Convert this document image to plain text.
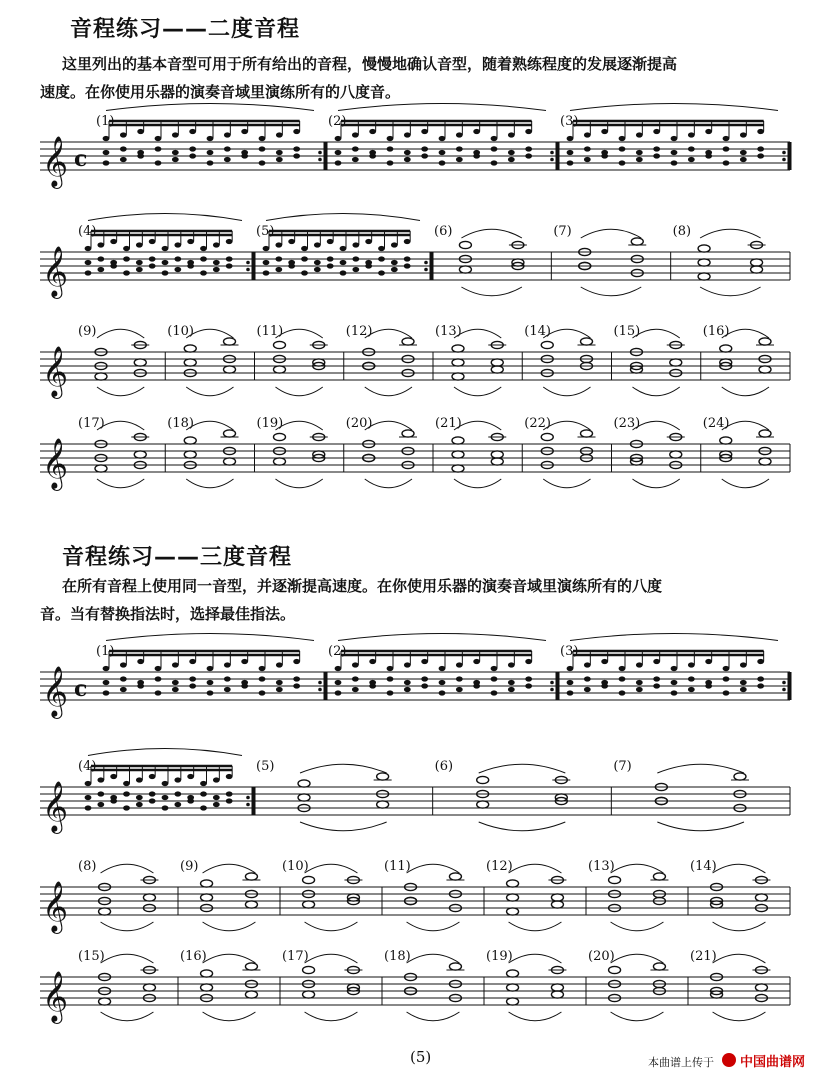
音程练习——二度音程
这里列出的基本音型可用于所有给出的音程，慢慢地确认音型，随着熟练程度的发展逐渐提高
速度。在你使用乐器的演奏音域里演练所有的八度音。
𝄞 c
(1)	(2)	(3)
𝄞
(4)	(5)	(6)	(7)	(8)
𝄞
(9)	(10)	(11)	(12)	(13)	(14)	(15)	(16)
𝄞
(17)	(18)	(19)	(20)	(21)	(22)	(23)	(24)
音程练习——三度音程
在所有音程上使用同一音型，并逐渐提高速度。在你使用乐器的演奏音域里演练所有的八度
音。当有替换指法时，选择最佳指法。
𝄞 c
(1)	(2)	(3)
𝄞
(4)	(5)	(6)	(7)
𝄞
(8)	(9)	(10)	(11)	(12)	(13)	(14)
𝄞
(15)	(16)	(17)	(18)	(19)	(20)	(21)
(5)	本曲谱上传于 中国曲谱网
